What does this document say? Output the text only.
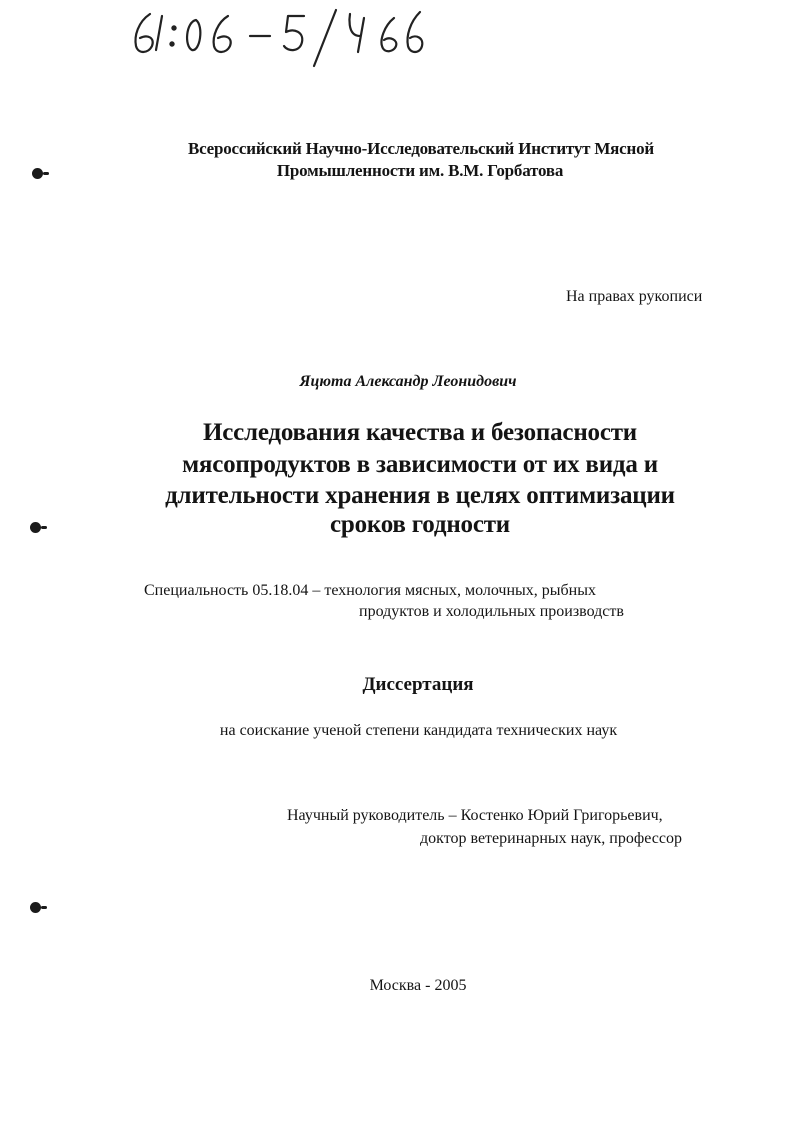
Всероссийский Научно-Исследовательский Институт Мясной

Промышленности им. В.М. Горбатова

На правах рукописи

Яцюта Александр Леонидович

Исследования качества и безопасности

мясопродуктов в зависимости от их вида и

длительности хранения в целях оптимизации

сроков годности

Специальность 05.18.04 – технология мясных, молочных, рыбных

продуктов и холодильных производств

Диссертация

на соискание ученой степени кандидата технических наук

Научный руководитель – Костенко Юрий Григорьевич,

доктор ветеринарных наук, профессор

Москва - 2005
